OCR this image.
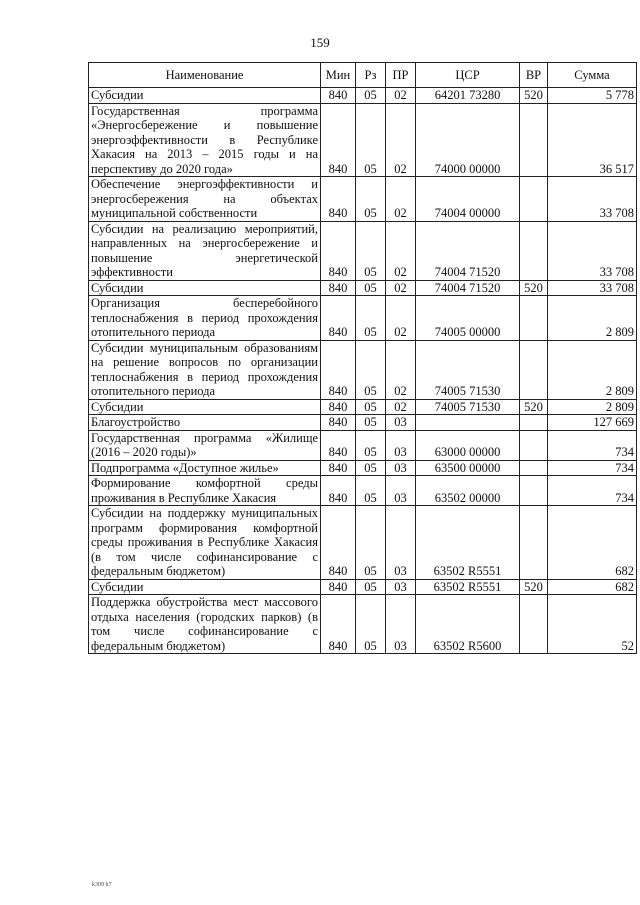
159
Наименование	Мин	Рз	ПР	ЦСР	ВР	Сумма
Субсидии	840	05	02	64201 73280	520	5 778
Государственная программа «Энергосбережение и повышение энергоэффективности в Республике Хакасия на 2013 – 2015 годы и на перспективу до 2020 года»	840	05	02	74000 00000		36 517
Обеспечение энергоэффективности и энергосбережения на объектах муниципальной собственности	840	05	02	74004 00000		33 708
Субсидии на реализацию мероприятий, направленных на энергосбережение и повышение энергетической эффективности	840	05	02	74004 71520		33 708
Субсидии	840	05	02	74004 71520	520	33 708
Организация бесперебойного теплоснабжения в период прохождения отопительного периода	840	05	02	74005 00000		2 809
Субсидии муниципальным образованиям на решение вопросов по организации теплоснабжения в период прохождения отопительного периода	840	05	02	74005 71530		2 809
Субсидии	840	05	02	74005 71530	520	2 809
Благоустройство	840	05	03			127 669
Государственная программа «Жилище (2016 – 2020 годы)»	840	05	03	63000 00000		734
Подпрограмма «Доступное жилье»	840	05	03	63500 00000		734
Формирование комфортной среды проживания в Республике Хакасия	840	05	03	63502 00000		734
Субсидии на поддержку муниципальных программ формирования комфортной среды проживания в Республике Хакасия (в том числе софинансирование с федеральным бюджетом)	840	05	03	63502 R5551		682
Субсидии	840	05	03	63502 R5551	520	682
Поддержка обустройства мест массового отдыха населения (городских парков) (в том числе софинансирование с федеральным бюджетом)	840	05	03	63502 R5600		52
k309 h7
